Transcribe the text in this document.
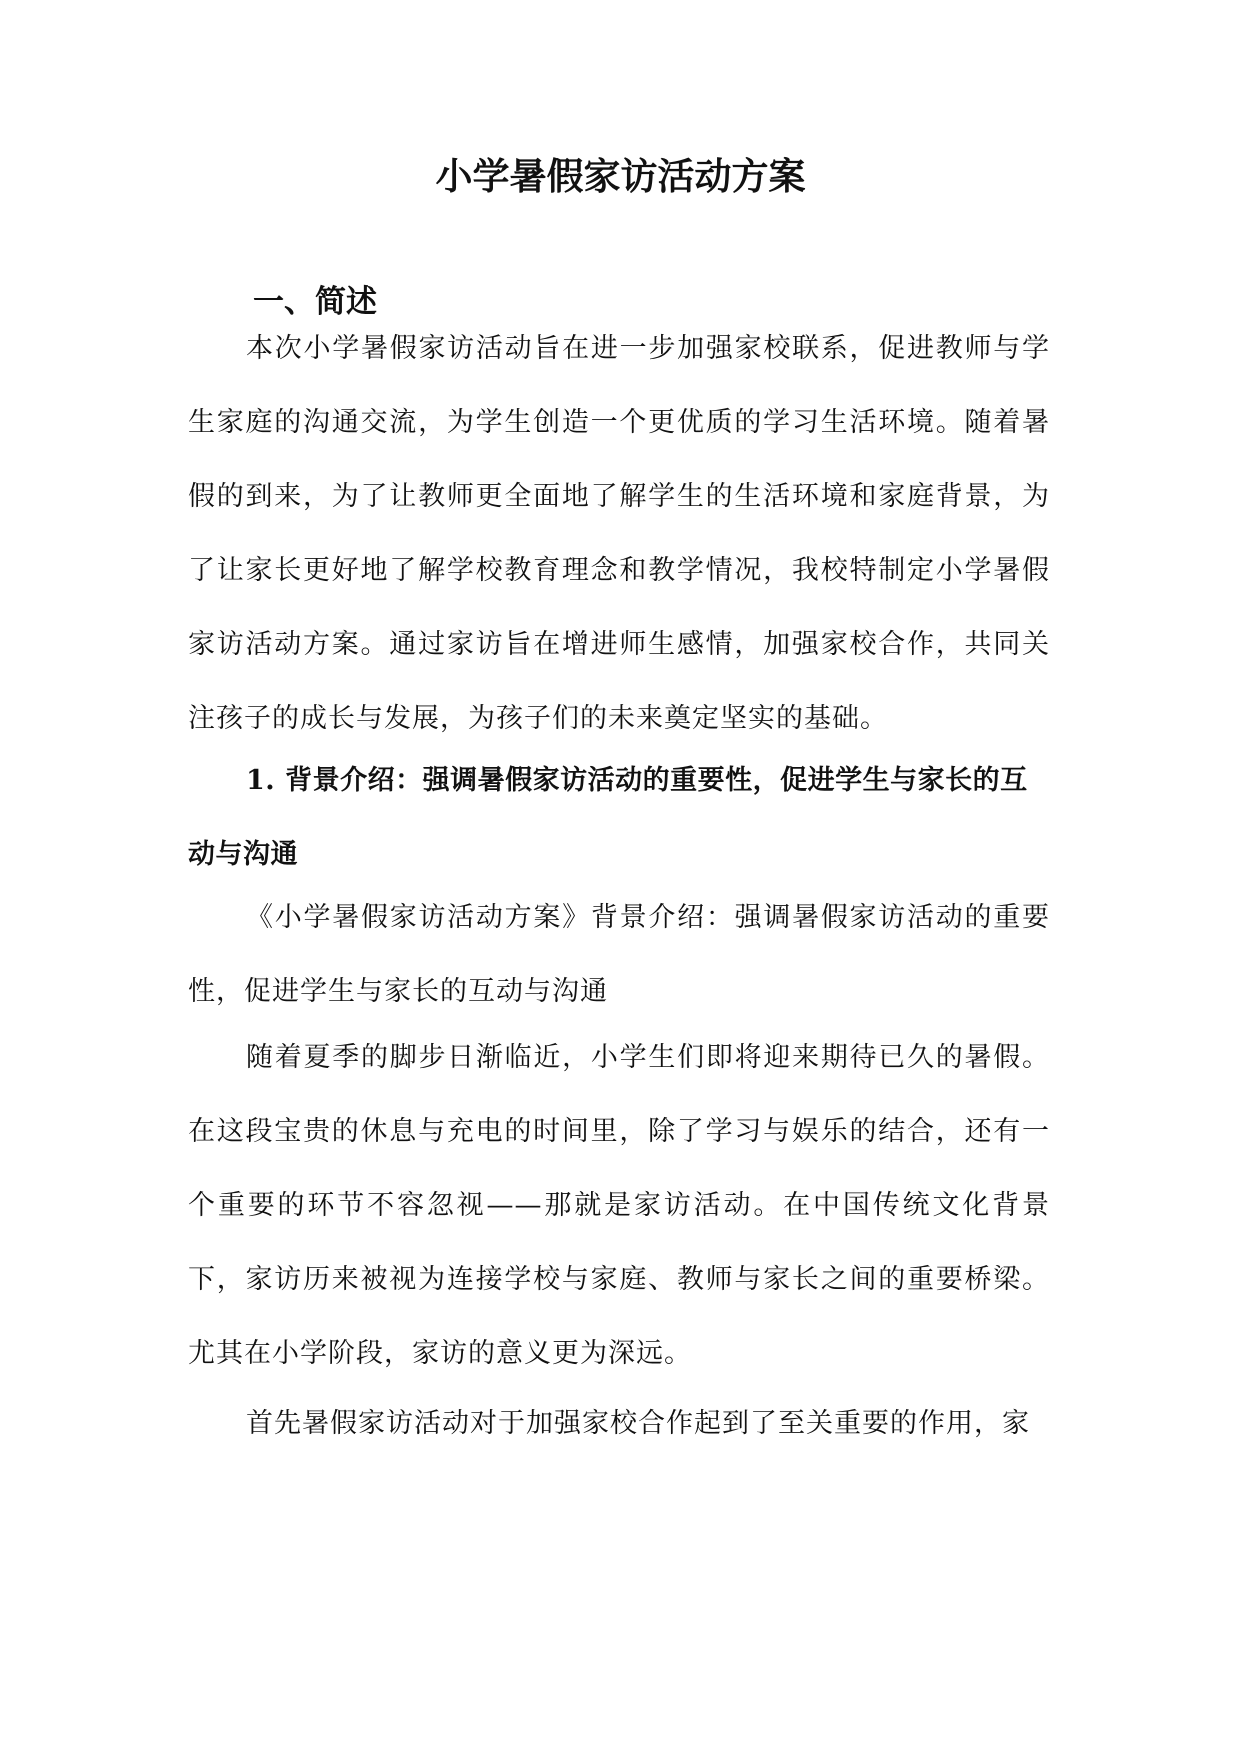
小学暑假家访活动方案
一、简述

本次小学暑假家访活动旨在进一步加强家校联系，促进教师与学生家庭的沟通交流，为学生创造一个更优质的学习生活环境。随着暑假的到来，为了让教师更全面地了解学生的生活环境和家庭背景，为了让家长更好地了解学校教育理念和教学情况，我校特制定小学暑假家访活动方案。通过家访旨在增进师生感情，加强家校合作，共同关注孩子的成长与发展，为孩子们的未来奠定坚实的基础。

1. 背景介绍：强调暑假家访活动的重要性，促进学生与家长的互动与沟通

《小学暑假家访活动方案》背景介绍：强调暑假家访活动的重要性，促进学生与家长的互动与沟通

随着夏季的脚步日渐临近，小学生们即将迎来期待已久的暑假。在这段宝贵的休息与充电的时间里，除了学习与娱乐的结合，还有一个重要的环节不容忽视——那就是家访活动。在中国传统文化背景下，家访历来被视为连接学校与家庭、教师与家长之间的重要桥梁。尤其在小学阶段，家访的意义更为深远。

首先暑假家访活动对于加强家校合作起到了至关重要的作用，家
